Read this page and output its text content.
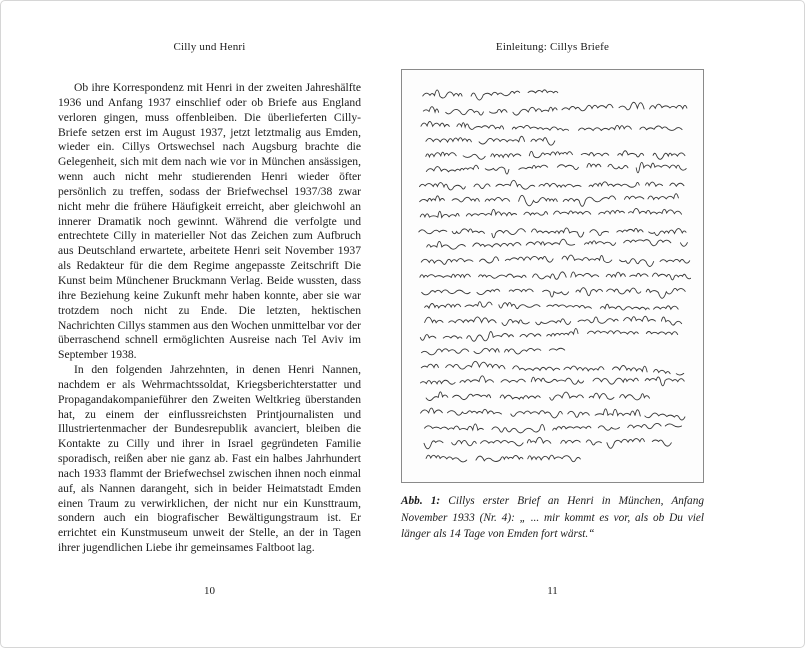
Cilly und Henri

Ob ihre Korrespondenz mit Henri in der zweiten Jahreshälfte 1936 und Anfang 1937 einschlief oder ob Briefe aus England verloren gingen, muss offenbleiben. Die überlieferten Cilly-Briefe setzen erst im August 1937, jetzt letztmalig aus Emden, wieder ein. Cillys Ortswechsel nach Augsburg brachte die Gelegenheit, sich mit dem nach wie vor in München ansässigen, wenn auch nicht mehr studierenden Henri wieder öfter persönlich zu treffen, sodass der Briefwechsel 1937/38 zwar nicht mehr die frühere Häufigkeit erreicht, aber gleichwohl an innerer Dramatik noch gewinnt. Während die verfolgte und entrechtete Cilly in materieller Not das Zeichen zum Aufbruch aus Deutschland erwartete, arbeitete Henri seit November 1937 als Redakteur für die dem Regime angepasste Zeitschrift Die Kunst beim Münchener Bruckmann Verlag. Beide wussten, dass ihre Beziehung keine Zukunft mehr haben konnte, aber sie war trotzdem noch nicht zu Ende. Die letzten, hektischen Nachrichten Cillys stammen aus den Wochen unmittelbar vor der überraschend schnell ermöglichten Ausreise nach Tel Aviv im September 1938.

In den folgenden Jahrzehnten, in denen Henri Nannen, nachdem er als Wehrmachtssoldat, Kriegsberichterstatter und Propagandakompanieführer den Zweiten Weltkrieg überstanden hat, zu einem der einflussreichsten Printjournalisten und Illustriertenmacher der Bundesrepublik avanciert, bleiben die Kontakte zu Cilly und ihrer in Israel gegründeten Familie sporadisch, reißen aber nie ganz ab. Fast ein halbes Jahrhundert nach 1933 flammt der Briefwechsel zwischen ihnen noch einmal auf, als Nannen darangeht, sich in beider Heimatstadt Emden einen Traum zu verwirklichen, der nicht nur ein Kunsttraum, sondern auch ein biografischer Bewältigungstraum ist. Er errichtet ein Kunstmuseum unweit der Stelle, an der in Tagen ihrer jugendlichen Liebe ihr gemeinsames Faltboot lag.

10
Einleitung: Cillys Briefe

Abb. 1: Cillys erster Brief an Henri in München, Anfang November 1933 (Nr. 4): „ ... mir kommt es vor, als ob Du viel länger als 14 Tage von Emden fort wärst.“

11
